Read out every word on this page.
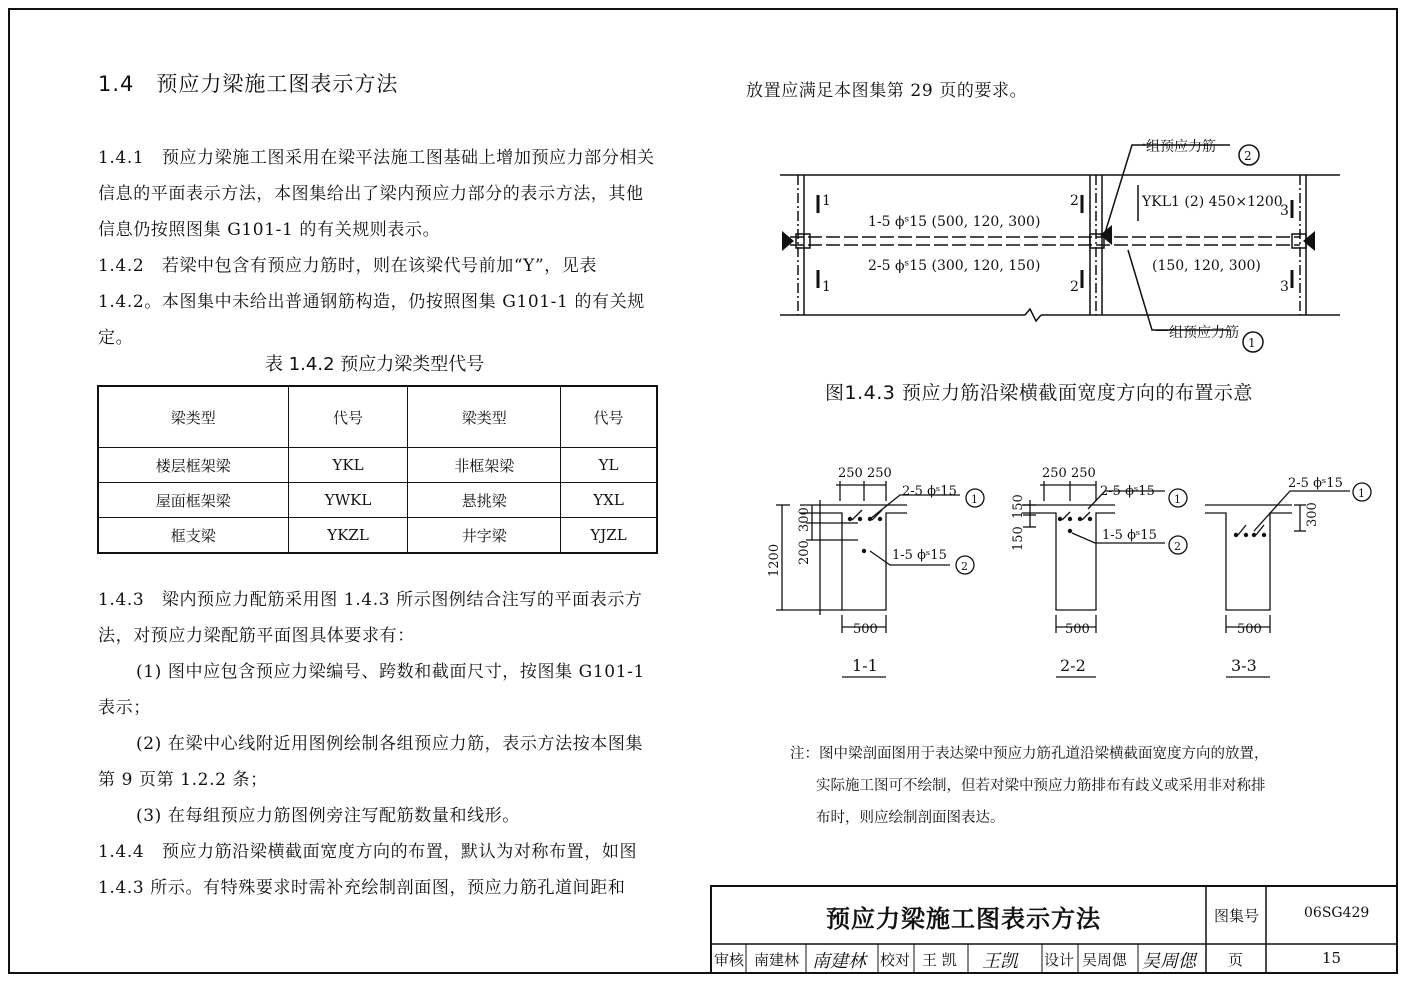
1.4　预应力梁施工图表示方法
1.4.1　预应力梁施工图采用在梁平法施工图基础上增加预应力部分相关信息的平面表示方法，本图集给出了梁内预应力部分的表示方法，其他信息仍按照图集 G101-1 的有关规则表示。
1.4.2　若梁中包含有预应力筋时，则在该梁代号前加“Y”，见表 1.4.2。本图集中未给出普通钢筋构造，仍按照图集 G101-1 的有关规定。
表 1.4.2 预应力梁类型代号
梁类型	代号	梁类型	代号
楼层框架梁	YKL	非框架梁	YL
屋面框架梁	YWKL	悬挑梁	YXL
框支梁	YKZL	井字梁	YJZL
1.4.3　梁内预应力配筋采用图 1.4.3 所示图例结合注写的平面表示方法，对预应力梁配筋平面图具体要求有：
(1) 图中应包含预应力梁编号、跨数和截面尺寸，按图集 G101-1 表示；
(2) 在梁中心线附近用图例绘制各组预应力筋，表示方法按本图集第 9 页第 1.2.2 条；
(3) 在每组预应力筋图例旁注写配筋数量和线形。
1.4.4　预应力筋沿梁横截面宽度方向的布置，默认为对称布置，如图 1.4.3 所示。有特殊要求时需补充绘制剖面图，预应力筋孔道间距和
放置应满足本图集第 29 页的要求。
1
1
2
2
3
3
1-5 ϕˢ15 (500, 120, 300)
2-5 ϕˢ15 (300, 120, 150)
YKL1 (2) 450×1200
(150, 120, 300)
一组预应力筋
一组预应力筋
2
1
图1.4.3 预应力筋沿梁横截面宽度方向的布置示意
250 250
2-5 ϕˢ15
1-5 ϕˢ15
1
2
1200 200
300
500
1-1
250 250
2-5 ϕˢ15
1-5 ϕˢ15
1
2
150
150
500
2-2
2-5 ϕˢ15
1
300
500
3-3
注：图中梁剖面图用于表达梁中预应力筋孔道沿梁横截面宽度方向的放置，
实际施工图可不绘制，但若对梁中预应力筋排布有歧义或采用非对称排
布时，则应绘制剖面图表达。
预应力梁施工图表示方法	图集号	06SG429
审核 南建林 南建林 校对 王 凯 王凯 设计 吴周偲 吴周偲 页	15
